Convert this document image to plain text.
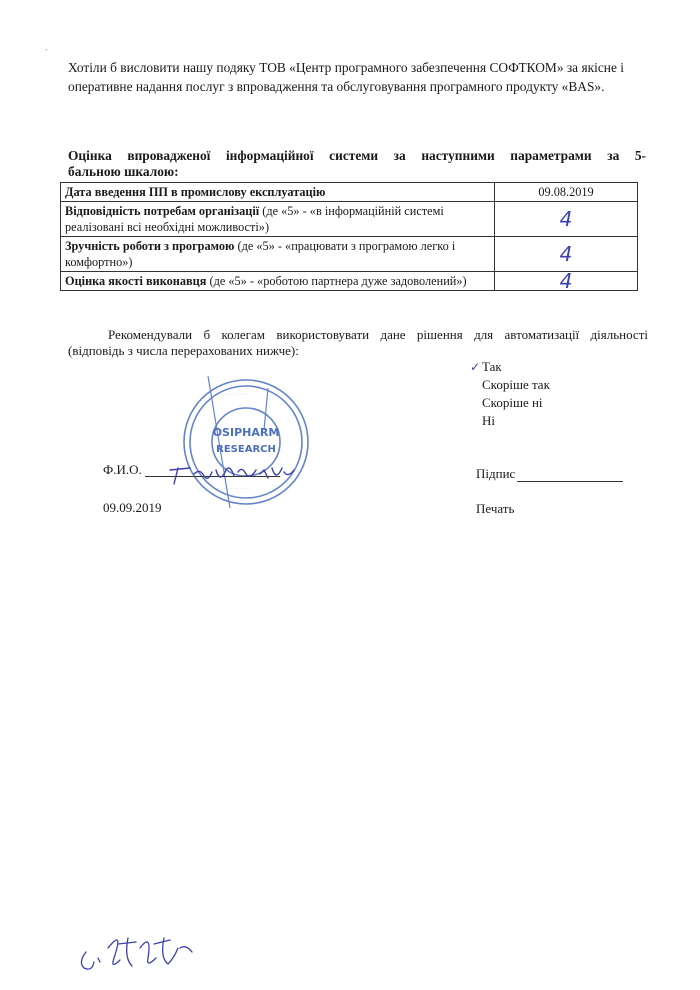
-
Хотіли б висловити нашу подяку ТОВ «Центр програмного забезпечення СОФТКОМ» за якісне і оперативне надання послуг з впровадження та обслуговування програмного продукту «BAS».
Оцінка впровадженої інформаційної системи за наступними параметрами за 5-
бальною шкалою:
Дата введення ПП в промислову експлуатацію	09.08.2019
Відповідність потребам організації (де «5» - «в інформаційній системі реалізовані всі необхідні можливості»)	4
Зручність роботи з програмою (де «5» - «працювати з програмою легко і комфортно»)	4
Оцінка якості виконавця (де «5» - «роботою партнера дуже задоволений»)	4
Рекомендували б колегам використовувати дане рішення для автоматизації діяльності
(відповідь з числа перерахованих нижче):
✓ Так
Скоріше так
Скоріше ні
Ні
· · · · · · · · · · · · · · · ·
· · · · · · · · · · · · · · · · ·
OSIPHARM
RESEARCH
Ф.И.О.
09.09.2019
Підпис
Печать
